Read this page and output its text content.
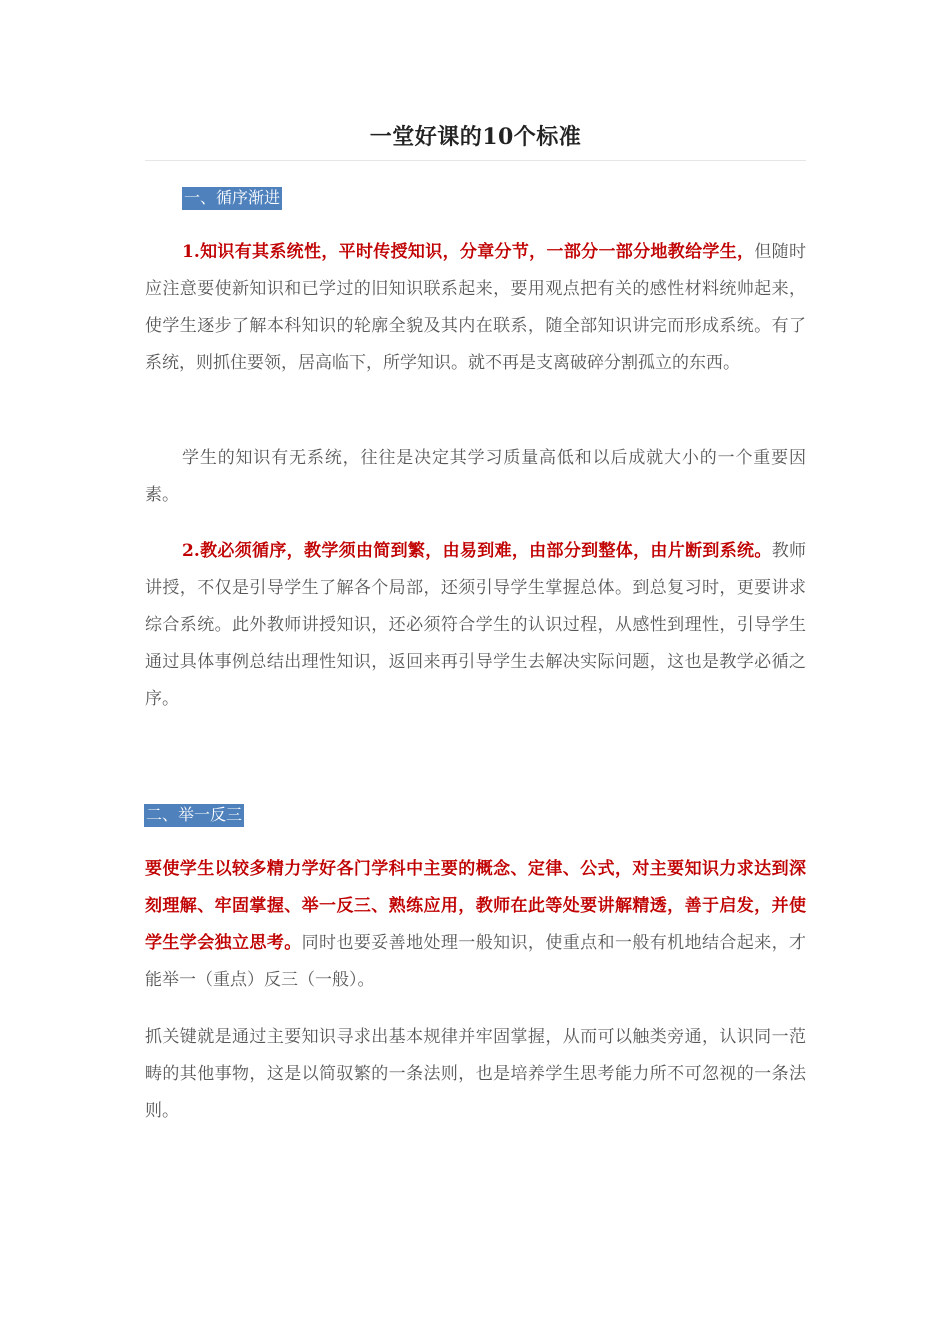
一堂好课的10个标准
一、循序渐进

1.知识有其系统性，平时传授知识，分章分节，一部分一部分地教给学生，但随时应注意要使新知识和已学过的旧知识联系起来，要用观点把有关的感性材料统帅起来，使学生逐步了解本科知识的轮廓全貌及其内在联系，随全部知识讲完而形成系统。有了系统，则抓住要领，居高临下，所学知识。就不再是支离破碎分割孤立的东西。

学生的知识有无系统，往往是决定其学习质量高低和以后成就大小的一个重要因素。

2.教必须循序，教学须由简到繁，由易到难，由部分到整体，由片断到系统。教师讲授，不仅是引导学生了解各个局部，还须引导学生掌握总体。到总复习时，更要讲求综合系统。此外教师讲授知识，还必须符合学生的认识过程，从感性到理性，引导学生通过具体事例总结出理性知识，返回来再引导学生去解决实际问题，这也是教学必循之序。

二、举一反三

要使学生以较多精力学好各门学科中主要的概念、定律、公式，对主要知识力求达到深刻理解、牢固掌握、举一反三、熟练应用，教师在此等处要讲解精透，善于启发，并使学生学会独立思考。同时也要妥善地处理一般知识，使重点和一般有机地结合起来，才能举一（重点）反三（一般）。

抓关键就是通过主要知识寻求出基本规律并牢固掌握，从而可以触类旁通，认识同一范畴的其他事物，这是以简驭繁的一条法则，也是培养学生思考能力所不可忽视的一条法则。
